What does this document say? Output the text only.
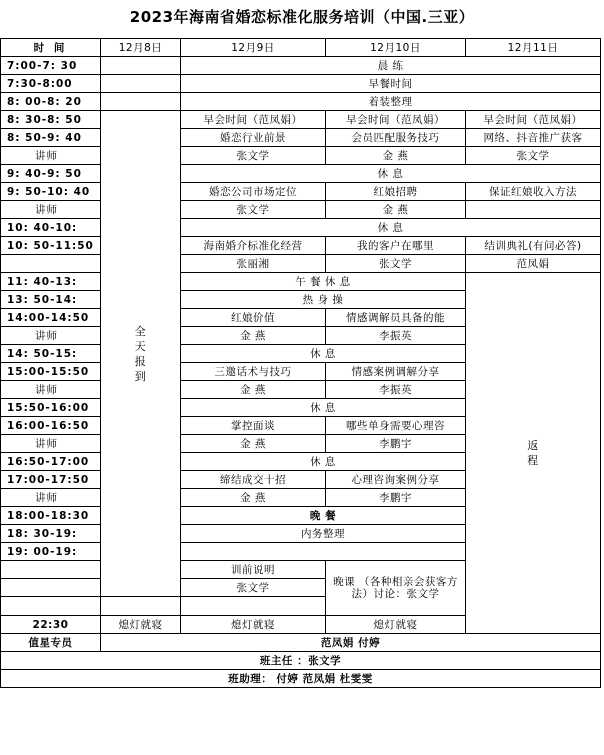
2023年海南省婚恋标准化服务培训（中国.三亚）
时 间	12月8日	12月9日	12月10日	12月11日	
7:00-7: 30		晨 练			
7:30-8:00		早餐时间			
8: 00-8: 20		着装整理			
8: 30-8: 50	全天报到	早会时间（范凤娟）	早会时间（范凤娟）	早会时间（范凤娟）	
8: 50-9: 40		婚恋行业前景	会员匹配服务技巧	网络、抖音推广获客	
讲师		张文学	金 燕	张文学	
9: 40-9: 50		休 息			
9: 50-10: 40		婚恋公司市场定位	红娘招聘	保证红娘收入方法	
讲师		张文学	金 燕		
10: 40-10:		休 息			
10: 50-11:50		海南婚介标准化经营	我的客户在哪里	结训典礼(有问必答)	
		张丽湘	张文学	范凤娟	
11: 40-13:		午 餐 休 息		返程	
13: 50-14:		热 身 操			
14:00-14:50		红娘价值	情感调解员具备的能		
讲师		金 燕	李振英		
14: 50-15:		休 息			
15:00-15:50		三邀话术与技巧	情感案例调解分享		
讲师		金 燕	李振英		
15:50-16:00		休 息			
16:00-16:50		掌控面谈	哪些单身需要心理咨		
讲师		金 燕	李鹏宇		
16:50-17:00		休 息			
17:00-17:50		缔结成交十招	心理咨询案例分享		
讲师		金 燕	李鹏宇		
18:00-18:30		晚 餐			
18: 30-19:		内务整理			
19: 00-19:					
		训前说明	晚课 （各种相亲会获客方法）讨论：张文学	

		张文学			

22:30	熄灯就寝	熄灯就寝	熄灯就寝		
值星专员	范凤娟 付婷				
班主任 ：张文学					
班助理： 付婷 范凤娟 杜雯雯					
